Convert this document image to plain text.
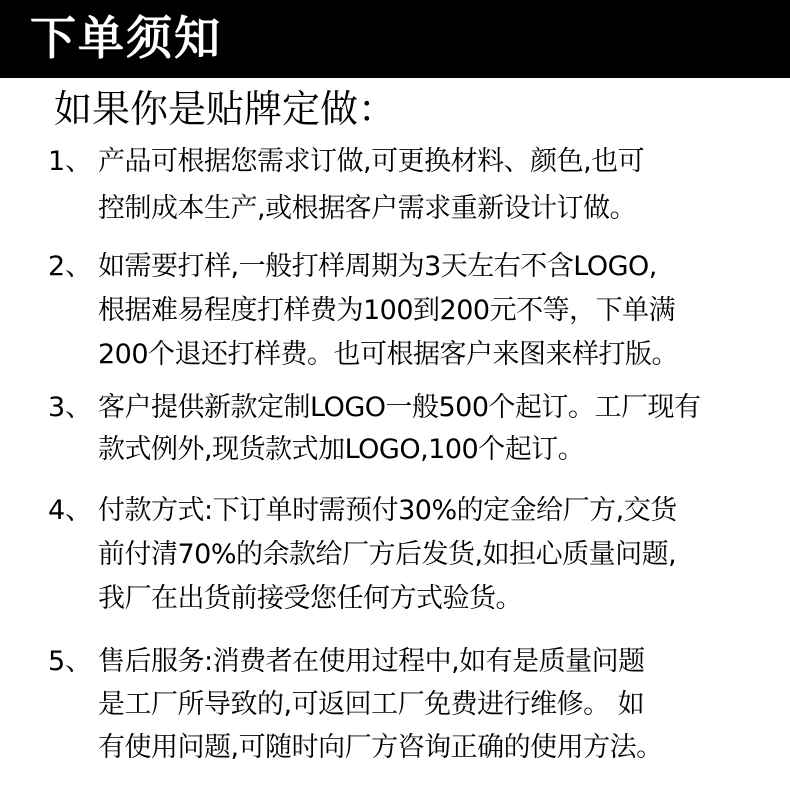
下单须知
如果你是贴牌定做：
1、 产品可根据您需求订做,可更换材料、颜色,也可
控制成本生产,或根据客户需求重新设计订做。
2、 如需要打样,一般打样周期为3天左右不含LOGO,
根据难易程度打样费为100到200元不等，下单满
200个退还打样费。也可根据客户来图来样打版。
3、 客户提供新款定制LOGO一般500个起订。工厂现有
款式例外,现货款式加LOGO,100个起订。
4、 付款方式:下订单时需预付30%的定金给厂方,交货
前付清70%的余款给厂方后发货,如担心质量问题,
我厂在出货前接受您任何方式验货。
5、 售后服务:消费者在使用过程中,如有是质量问题
是工厂所导致的,可返回工厂免费进行维修。 如
有使用问题,可随时向厂方咨询正确的使用方法。
